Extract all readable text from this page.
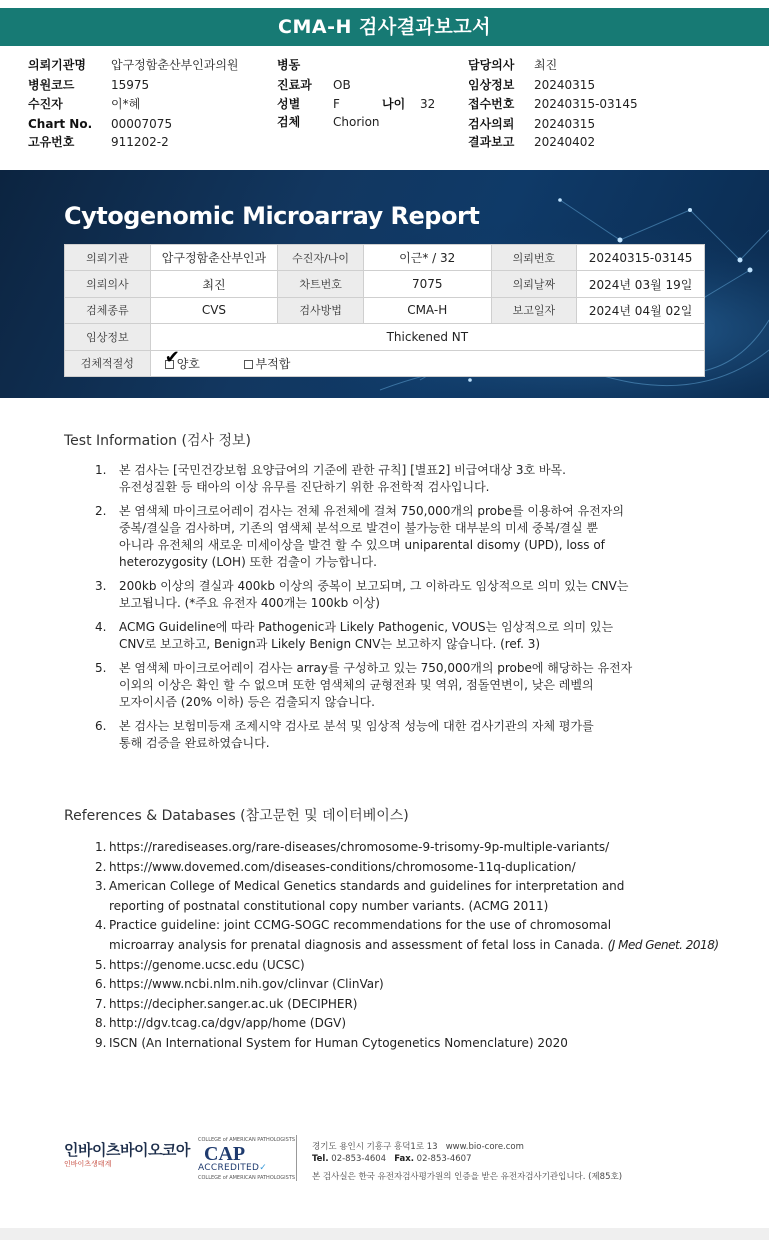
CMA-H 검사결과보고서
의뢰기관명 압구정함춘산부인과의원
병원코드	15975
수진자	이*혜
Chart No. 00007075
고유번호	911202-2
병동
진료과 OB
성별	F
검체	Chorion
나이 32
담당의사 최진
임상정보 20240315
접수번호 20240315-03145
검사의뢰 20240315
결과보고 20240402
Cytogenomic Microarray Report
의뢰기관	압구정함춘산부인과	수진자/나이	이근* / 32	의뢰번호	20240315-03145
의뢰의사	최진	차트번호	7075	의뢰날짜	2024년 03월 19일
검체종류	CVS	검사방법	CMA-H	보고일자	2024년 04월 02일
임상정보	Thickened NT				
검체적절성	✔
양호 부적합				
Test Information (검사 정보)
1. 본 검사는 [국민건강보험 요양급여의 기준에 관한 규칙] [별표2] 비급여대상 3호 바목.
유전성질환 등 태아의 이상 유무를 진단하기 위한 유전학적 검사입니다.
2. 본 염색체 마이크로어레이 검사는 전체 유전체에 걸쳐 750,000개의 probe를 이용하여 유전자의
중복/결실을 검사하며, 기존의 염색체 분석으로 발견이 불가능한 대부분의 미세 중복/결실 뿐
아니라 유전체의 새로운 미세이상을 발견 할 수 있으며 uniparental disomy (UPD), loss of
heterozygosity (LOH) 또한 검출이 가능합니다.
3. 200kb 이상의 결실과 400kb 이상의 중복이 보고되며, 그 이하라도 임상적으로 의미 있는 CNV는
보고됩니다. (*주요 유전자 400개는 100kb 이상)
4. ACMG Guideline에 따라 Pathogenic과 Likely Pathogenic, VOUS는 임상적으로 의미 있는
CNV로 보고하고, Benign과 Likely Benign CNV는 보고하지 않습니다. (ref. 3)
5. 본 염색체 마이크로어레이 검사는 array를 구성하고 있는 750,000개의 probe에 해당하는 유전자
이외의 이상은 확인 할 수 없으며 또한 염색체의 균형전좌 및 역위, 점돌연변이, 낮은 레벨의
모자이시즘 (20% 이하) 등은 검출되지 않습니다.
6. 본 검사는 보험미등재 조제시약 검사로 분석 및 임상적 성능에 대한 검사기관의 자체 평가를
통해 검증을 완료하였습니다.
References & Databases (참고문헌 및 데이터베이스)
1. https://rarediseases.org/rare-diseases/chromosome-9-trisomy-9p-multiple-variants/
2. https://www.dovemed.com/diseases-conditions/chromosome-11q-duplication/
3. American College of Medical Genetics standards and guidelines for interpretation and
reporting of postnatal constitutional copy number variants. (ACMG 2011)
4. Practice guideline: joint CCMG-SOGC recommendations for the use of chromosomal
microarray analysis for prenatal diagnosis and assessment of fetal loss in Canada. (J Med Genet. 2018)
5. https://genome.ucsc.edu (UCSC)
6. https://www.ncbi.nlm.nih.gov/clinvar (ClinVar)
7. https://decipher.sanger.ac.uk (DECIPHER)
8. http://dgv.tcag.ca/dgv/app/home (DGV)
9. ISCN (An International System for Human Cytogenetics Nomenclature) 2020
인바이츠바이오코아
인바이츠생태계
COLLEGE of AMERICAN PATHOLOGISTS
CAP
ACCREDITED✓
COLLEGE of AMERICAN PATHOLOGISTS
경기도 용인시 기흥구 흥덕1로 13 www.bio-core.com
Tel. 02-853-4604 Fax. 02-853-4607
본 검사실은 한국 유전자검사평가원의 인증을 받은 유전자검사기관입니다. (제85호)
